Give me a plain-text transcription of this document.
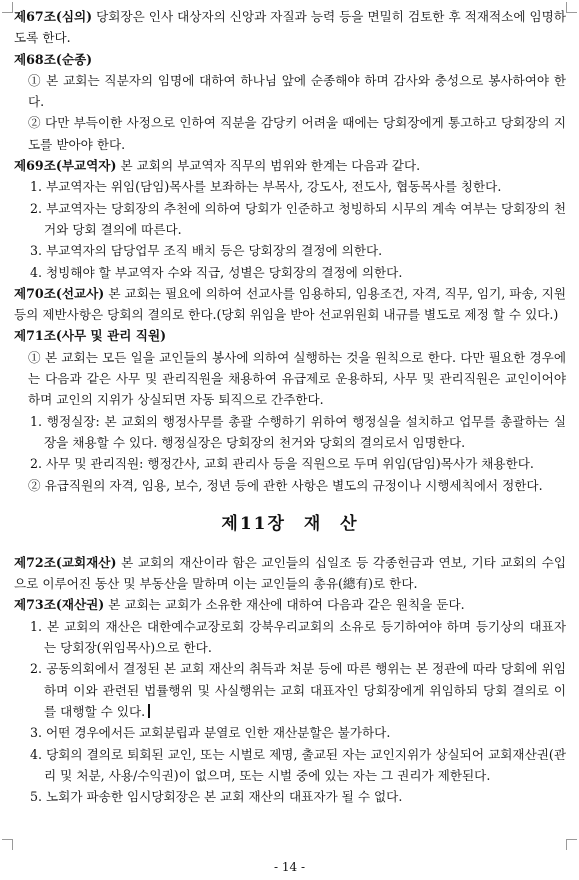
제67조(심의) 당회장은 인사 대상자의 신앙과 자질과 능력 등을 면밀히 검토한 후 적재적소에 임명하도록 한다.

제68조(순종)

① 본 교회는 직분자의 임명에 대하여 하나님 앞에 순종해야 하며 감사와 충성으로 봉사하여야 한다.

② 다만 부득이한 사정으로 인하여 직분을 감당키 어려울 때에는 당회장에게 통고하고 당회장의 지도를 받아야 한다.

제69조(부교역자) 본 교회의 부교역자 직무의 범위와 한계는 다음과 같다.

1. 부교역자는 위임(담임)목사를 보좌하는 부목사, 강도사, 전도사, 협동목사를 칭한다.

2. 부교역자는 당회장의 추천에 의하여 당회가 인준하고 청빙하되 시무의 계속 여부는 당회장의 천거와 당회 결의에 따른다.

3. 부교역자의 담당업무 조직 배치 등은 당회장의 결정에 의한다.

4. 청빙해야 할 부교역자 수와 직급, 성별은 당회장의 결정에 의한다.

제70조(선교사) 본 교회는 필요에 의하여 선교사를 임용하되, 임용조건, 자격, 직무, 임기, 파송, 지원 등의 제반사항은 당회의 결의로 한다.(당회 위임을 받아 선교위원회 내규를 별도로 제정 할 수 있다.)

제71조(사무 및 관리 직원)

① 본 교회는 모든 일을 교인들의 봉사에 의하여 실행하는 것을 원칙으로 한다. 다만 필요한 경우에는 다음과 같은 사무 및 관리직원을 채용하여 유급제로 운용하되, 사무 및 관리직원은 교인이어야 하며 교인의 지위가 상실되면 자동 퇴직으로 간주한다.

1. 행정실장: 본 교회의 행정사무를 총괄 수행하기 위하여 행정실을 설치하고 업무를 총괄하는 실장을 채용할 수 있다. 행정실장은 당회장의 천거와 당회의 결의로서 임명한다.

2. 사무 및 관리직원: 행정간사, 교회 관리사 등을 직원으로 두며 위임(담임)목사가 채용한다.

② 유급직원의 자격, 임용, 보수, 정년 등에 관한 사항은 별도의 규정이나 시행세칙에서 정한다.

제11장 재 산

제72조(교회재산) 본 교회의 재산이라 함은 교인들의 십일조 등 각종헌금과 연보, 기타 교회의 수입으로 이루어진 동산 및 부동산을 말하며 이는 교인들의 총유(總有)로 한다.

제73조(재산권) 본 교회는 교회가 소유한 재산에 대하여 다음과 같은 원칙을 둔다.

1. 본 교회의 재산은 대한예수교장로회 강북우리교회의 소유로 등기하여야 하며 등기상의 대표자는 당회장(위임목사)으로 한다.

2. 공동의회에서 결정된 본 교회 재산의 취득과 처분 등에 따른 행위는 본 정관에 따라 당회에 위임하며 이와 관련된 법률행위 및 사실행위는 교회 대표자인 당회장에게 위임하되 당회 결의로 이를 대행할 수 있다.

3. 어떤 경우에서든 교회분립과 분열로 인한 재산분할은 불가하다.

4. 당회의 결의로 퇴회된 교인, 또는 시벌로 제명, 출교된 자는 교인지위가 상실되어 교회재산권(관리 및 처분, 사용/수익권)이 없으며, 또는 시벌 중에 있는 자는 그 권리가 제한된다.

5. 노회가 파송한 임시당회장은 본 교회 재산의 대표자가 될 수 없다.

- 14 -
